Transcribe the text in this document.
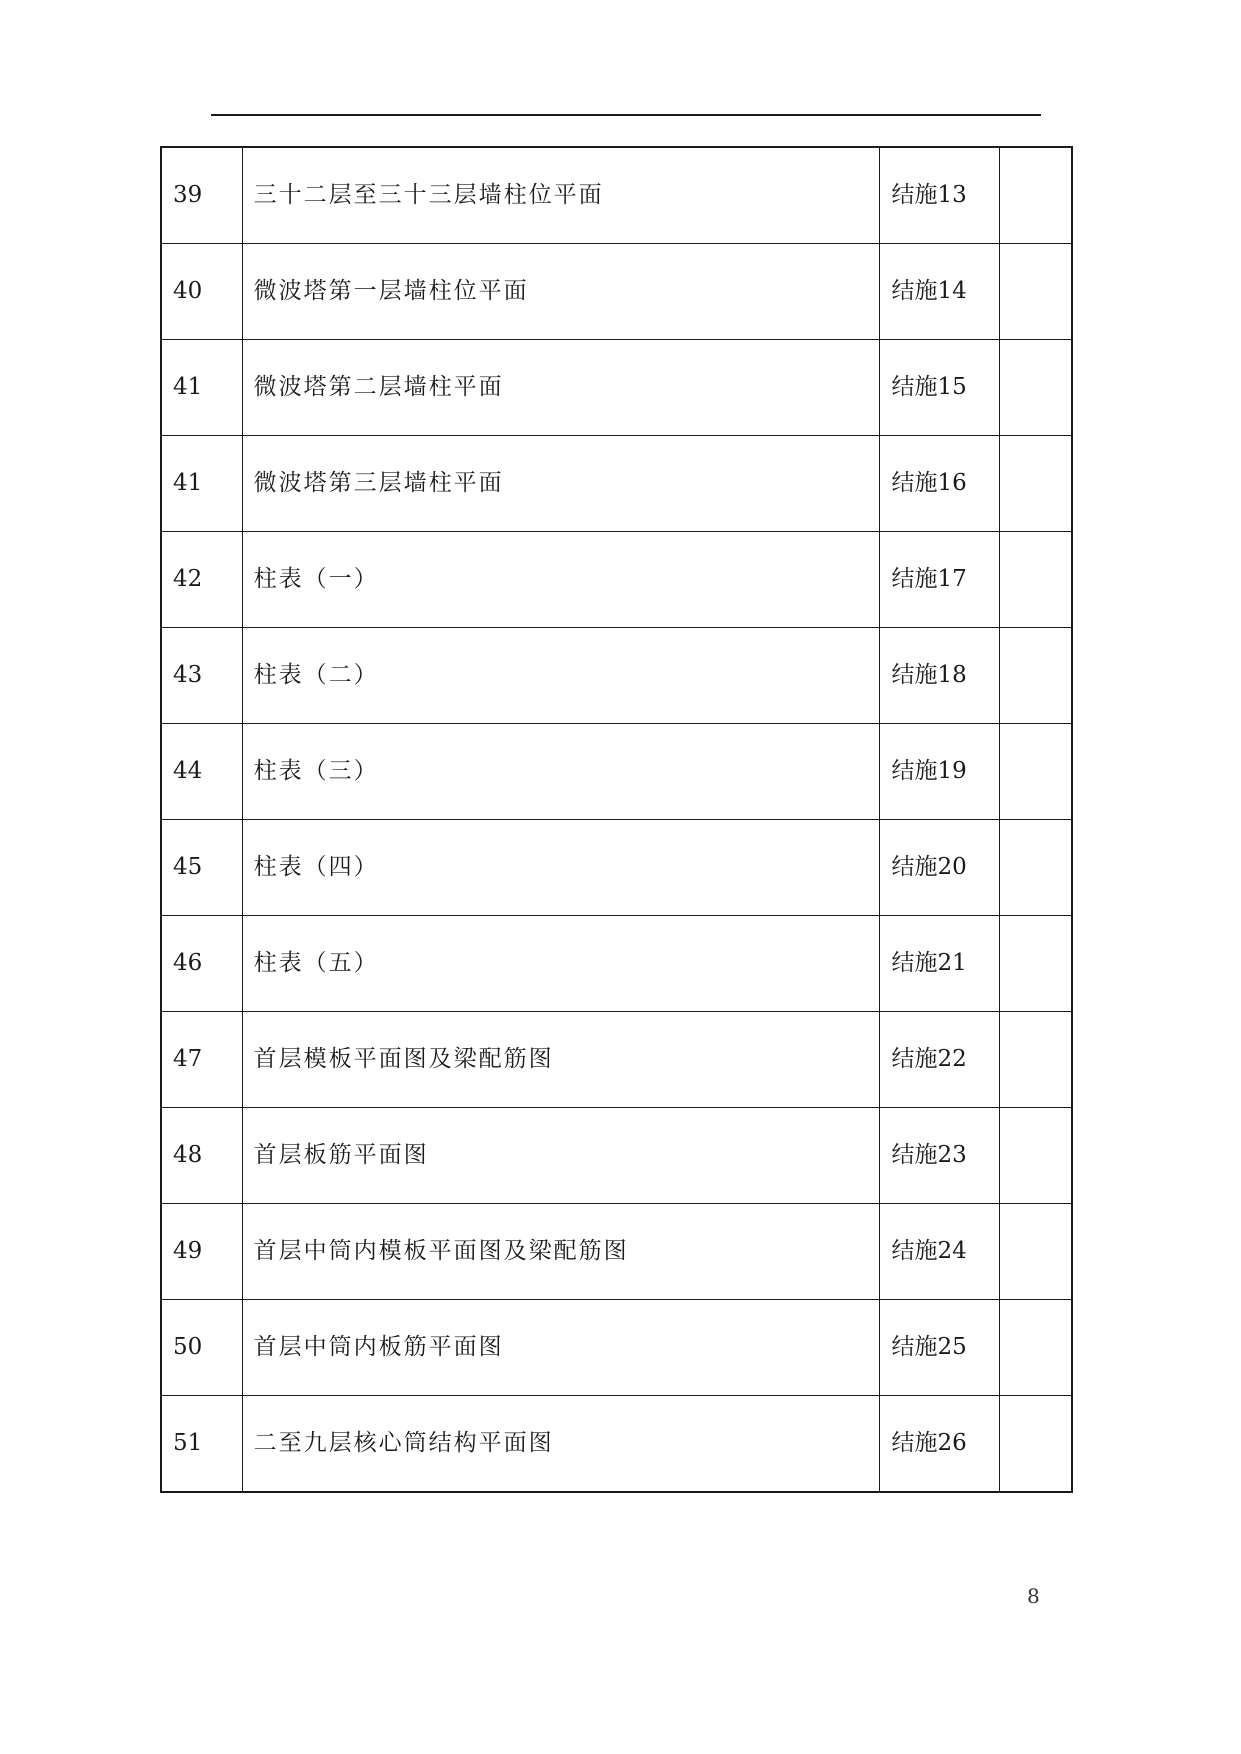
39	三十二层至三十三层墙柱位平面	结施13	
40	微波塔第一层墙柱位平面	结施14	
41	微波塔第二层墙柱平面	结施15	
41	微波塔第三层墙柱平面	结施16	
42	柱表（一）	结施17	
43	柱表（二）	结施18	
44	柱表（三）	结施19	
45	柱表（四）	结施20	
46	柱表（五）	结施21	
47	首层模板平面图及梁配筋图	结施22	
48	首层板筋平面图	结施23	
49	首层中筒内模板平面图及梁配筋图	结施24	
50	首层中筒内板筋平面图	结施25	
51	二至九层核心筒结构平面图	结施26	
8
